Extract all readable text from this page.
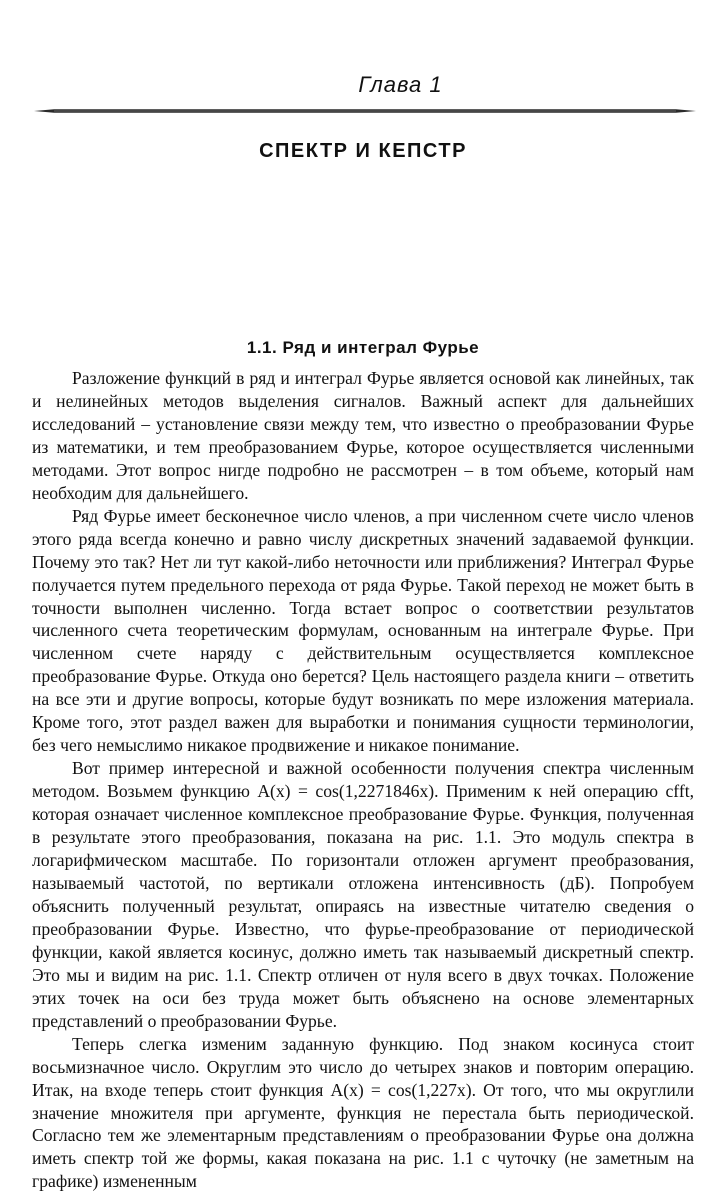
Глава 1
СПЕКТР И КЕПСТР
1.1. Ряд и интеграл Фурье

Разложение функций в ряд и интеграл Фурье является основой как линейных, так и нелинейных методов выделения сигналов. Важный аспект для дальнейших исследований – установление связи между тем, что известно о преобразовании Фурье из математики, и тем преобразованием Фурье, которое осуществляется численными методами. Этот вопрос нигде подробно не рассмотрен – в том объеме, который нам необходим для дальнейшего.

Ряд Фурье имеет бесконечное число членов, а при численном счете число членов этого ряда всегда конечно и равно числу дискретных значений задаваемой функции. Почему это так? Нет ли тут какой-либо неточности или приближения? Интеграл Фурье получается путем предельного перехода от ряда Фурье. Такой переход не может быть в точности выполнен численно. Тогда встает вопрос о соответствии результатов численного счета теоретическим формулам, основанным на интеграле Фурье. При численном счете наряду с действительным осуществляется комплексное преобразование Фурье. Откуда оно берется? Цель настоящего раздела книги – ответить на все эти и другие вопросы, которые будут возникать по мере изложения материала. Кроме того, этот раздел важен для выработки и понимания сущности терминологии, без чего немыслимо никакое продвижение и никакое понимание.

Вот пример интересной и важной особенности получения спектра численным методом. Возьмем функцию A(x) = cos(1,2271846x). Применим к ней операцию cfft, которая означает численное комплексное преобразование Фурье. Функция, полученная в результате этого преобразования, показана на рис. 1.1. Это модуль спектра в логарифмическом масштабе. По горизонтали отложен аргумент преобразования, называемый частотой, по вертикали отложена интенсивность (дБ). Попробуем объяснить полученный результат, опираясь на известные читателю сведения о преобразовании Фурье. Известно, что фурье-преобразование от периодической функции, какой является косинус, должно иметь так называемый дискретный спектр. Это мы и видим на рис. 1.1. Спектр отличен от нуля всего в двух точках. Положение этих точек на оси без труда может быть объяснено на основе элементарных представлений о преобразовании Фурье.

Теперь слегка изменим заданную функцию. Под знаком косинуса стоит восьмизначное число. Округлим это число до четырех знаков и повторим операцию. Итак, на входе теперь стоит функция A(x) = cos(1,227x). От того, что мы округлили значение множителя при аргументе, функция не перестала быть периодической. Согласно тем же элементарным представлениям о преобразовании Фурье она должна иметь спектр той же формы, какая показана на рис. 1.1 с чуточку (не заметным на графике) измененным
